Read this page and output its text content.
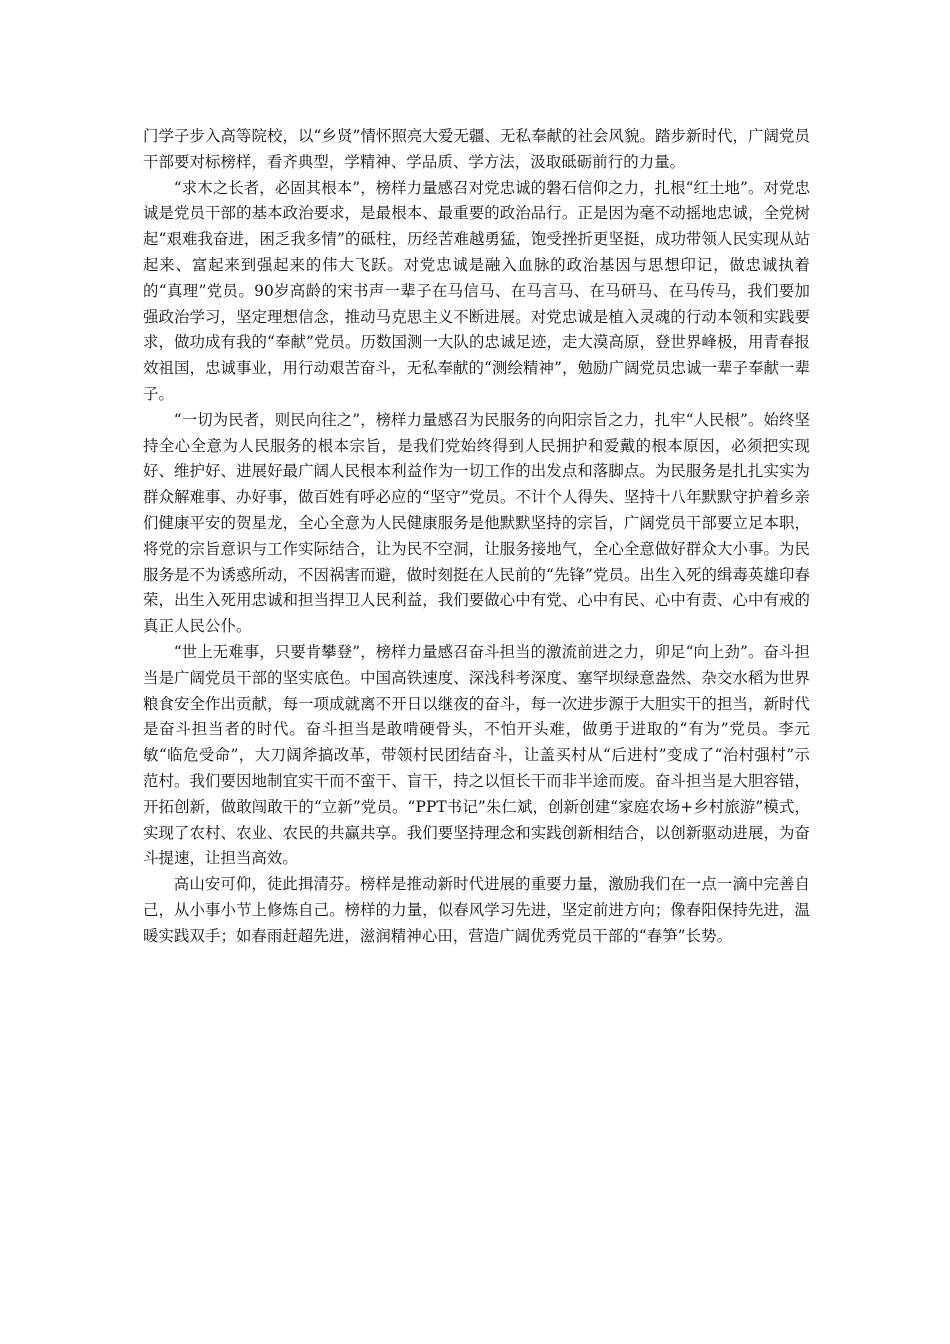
门学子步入高等院校，以“乡贤”情怀照亮大爱无疆、无私奉献的社会风貌。踏步新时代，广阔党员干部要对标榜样，看齐典型，学精神、学品质、学方法，汲取砥砺前行的力量。

“求木之长者，必固其根本”，榜样力量感召对党忠诚的磐石信仰之力，扎根“红土地”。对党忠诚是党员干部的基本政治要求，是最根本、最重要的政治品行。正是因为毫不动摇地忠诚，全党树起“艰难我奋进，困乏我多情”的砥柱，历经苦难越勇猛，饱受挫折更坚挺，成功带领人民实现从站起来、富起来到强起来的伟大飞跃。对党忠诚是融入血脉的政治基因与思想印记，做忠诚执着的“真理”党员。90岁高龄的宋书声一辈子在马信马、在马言马、在马研马、在马传马，我们要加强政治学习，坚定理想信念，推动马克思主义不断进展。对党忠诚是植入灵魂的行动本领和实践要求，做功成有我的“奉献”党员。历数国测一大队的忠诚足迹，走大漠高原，登世界峰极，用青春报效祖国，忠诚事业，用行动艰苦奋斗，无私奉献的“测绘精神”，勉励广阔党员忠诚一辈子奉献一辈子。

“一切为民者，则民向往之”，榜样力量感召为民服务的向阳宗旨之力，扎牢“人民根”。始终坚持全心全意为人民服务的根本宗旨，是我们党始终得到人民拥护和爱戴的根本原因，必须把实现好、维护好、进展好最广阔人民根本利益作为一切工作的出发点和落脚点。为民服务是扎扎实实为群众解难事、办好事，做百姓有呼必应的“坚守”党员。不计个人得失、坚持十八年默默守护着乡亲们健康平安的贺星龙，全心全意为人民健康服务是他默默坚持的宗旨，广阔党员干部要立足本职，将党的宗旨意识与工作实际结合，让为民不空洞，让服务接地气，全心全意做好群众大小事。为民服务是不为诱惑所动，不因祸害而避，做时刻挺在人民前的“先锋”党员。出生入死的缉毒英雄印春荣，出生入死用忠诚和担当捍卫人民利益，我们要做心中有党、心中有民、心中有责、心中有戒的真正人民公仆。

“世上无难事，只要肯攀登”，榜样力量感召奋斗担当的激流前进之力，卯足“向上劲”。奋斗担当是广阔党员干部的坚实底色。中国高铁速度、深浅科考深度、塞罕坝绿意盎然、杂交水稻为世界粮食安全作出贡献，每一项成就离不开日以继夜的奋斗，每一次进步源于大胆实干的担当，新时代是奋斗担当者的时代。奋斗担当是敢啃硬骨头，不怕开头难，做勇于进取的“有为”党员。李元敏“临危受命”，大刀阔斧搞改革，带领村民团结奋斗，让盖买村从“后进村”变成了“治村强村”示范村。我们要因地制宜实干而不蛮干、盲干，持之以恒长干而非半途而废。奋斗担当是大胆容错，开拓创新，做敢闯敢干的“立新”党员。“PPT书记”朱仁斌，创新创建“家庭农场+乡村旅游”模式，实现了农村、农业、农民的共赢共享。我们要坚持理念和实践创新相结合，以创新驱动进展，为奋斗提速，让担当高效。

高山安可仰，徒此揖清芬。榜样是推动新时代进展的重要力量，激励我们在一点一滴中完善自己，从小事小节上修炼自己。榜样的力量，似春风学习先进，坚定前进方向；像春阳保持先进，温暖实践双手；如春雨赶超先进，滋润精神心田，营造广阔优秀党员干部的“春笋”长势。
